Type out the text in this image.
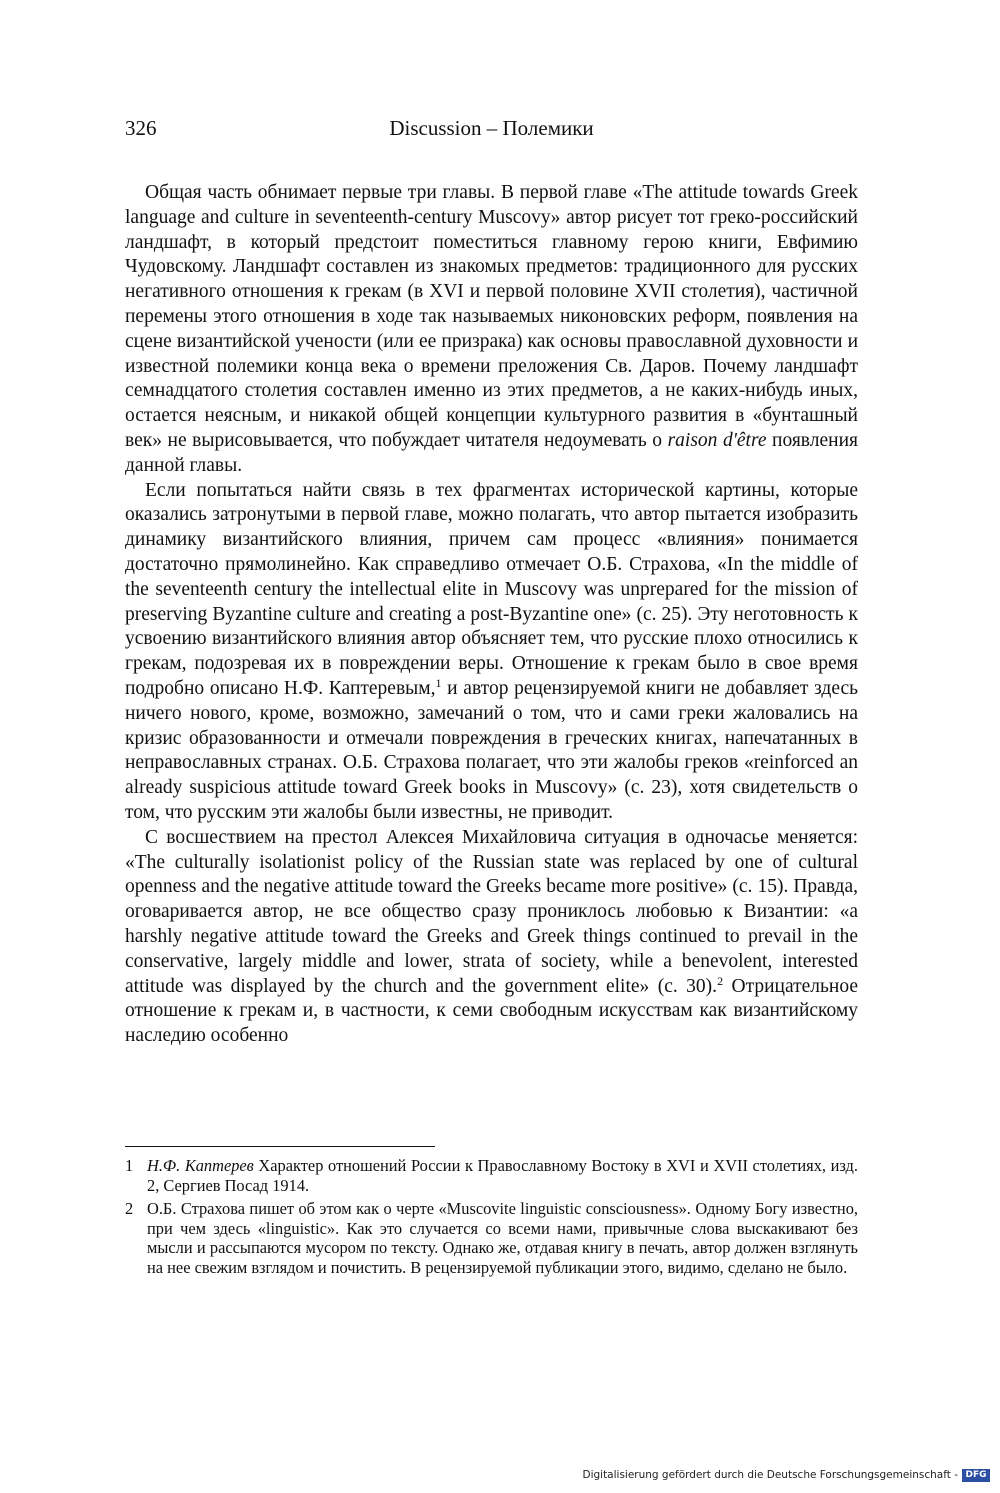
326	Discussion – Полемики

Общая часть обнимает первые три главы. В первой главе «The attitude towards Greek language and culture in seventeenth-century Muscovy» автор рисует тот греко-российский ландшафт, в который предстоит поместиться главному герою книги, Евфимию Чудовскому. Ландшафт составлен из знакомых предметов: традиционного для русских негативного отношения к грекам (в XVI и первой половине XVII столетия), частичной перемены этого отношения в ходе так называемых никоновских реформ, появления на сцене византийской учености (или ее призрака) как основы православной духовности и известной полемики конца века о времени преложения Св. Даров. Почему ландшафт семнадцатого столетия составлен именно из этих предметов, а не каких-нибудь иных, остается неясным, и никакой общей концепции культурного развития в «бунташный век» не вырисовывается, что побуждает читателя недоумевать о raison d'être появления данной главы.

Если попытаться найти связь в тех фрагментах исторической картины, которые оказались затронутыми в первой главе, можно полагать, что автор пытается изобразить динамику византийского влияния, причем сам процесс «влияния» понимается достаточно прямолинейно. Как справедливо отмечает О.Б. Страхова, «In the middle of the seventeenth century the intellectual elite in Muscovy was unprepared for the mission of preserving Byzantine culture and creating a post-Byzantine one» (c. 25). Эту неготовность к усвоению византийского влияния автор объясняет тем, что русские плохо относились к грекам, подозревая их в повреждении веры. Отношение к грекам было в свое время подробно описано Н.Ф. Каптеревым,$^1$ и автор рецензируемой книги не добавляет здесь ничего нового, кроме, возможно, замечаний о том, что и сами греки жаловались на кризис образованности и отмечали повреждения в греческих книгах, напечатанных в неправославных странах. О.Б. Страхова полагает, что эти жалобы греков «reinforced an already suspicious attitude toward Greek books in Muscovy» (c. 23), хотя свидетельств о том, что русским эти жалобы были известны, не приводит.

С восшествием на престол Алексея Михайловича ситуация в одночасье меняется: «The culturally isolationist policy of the Russian state was replaced by one of cultural openness and the negative attitude toward the Greeks became more positive» (c. 15). Правда, оговаривается автор, не все общество сразу прониклось любовью к Византии: «a harshly negative attitude toward the Greeks and Greek things continued to prevail in the conservative, largely middle and lower, strata of society, while a benevolent, interested attitude was displayed by the church and the government elite» (c. 30).$^2$ Отрицательное отношение к грекам и, в частности, к семи свободным искусствам как византийскому наследию особенно

1 Н.Ф. Каптерев Характер отношений России к Православному Востоку в XVI и XVII столетиях, изд. 2, Сергиев Посад 1914.
2 О.Б. Страхова пишет об этом как о черте «Muscovite linguistic consciousness». Одному Богу известно, при чем здесь «linguistic». Как это случается со всеми нами, привычные слова выскакивают без мысли и рассыпаются мусором по тексту. Однако же, отдавая книгу в печать, автор должен взглянуть на нее свежим взглядом и почистить. В рецензируемой публикации этого, видимо, сделано не было.
Digitalisierung gefördert durch die Deutsche Forschungsgemeinschaft - DFG
